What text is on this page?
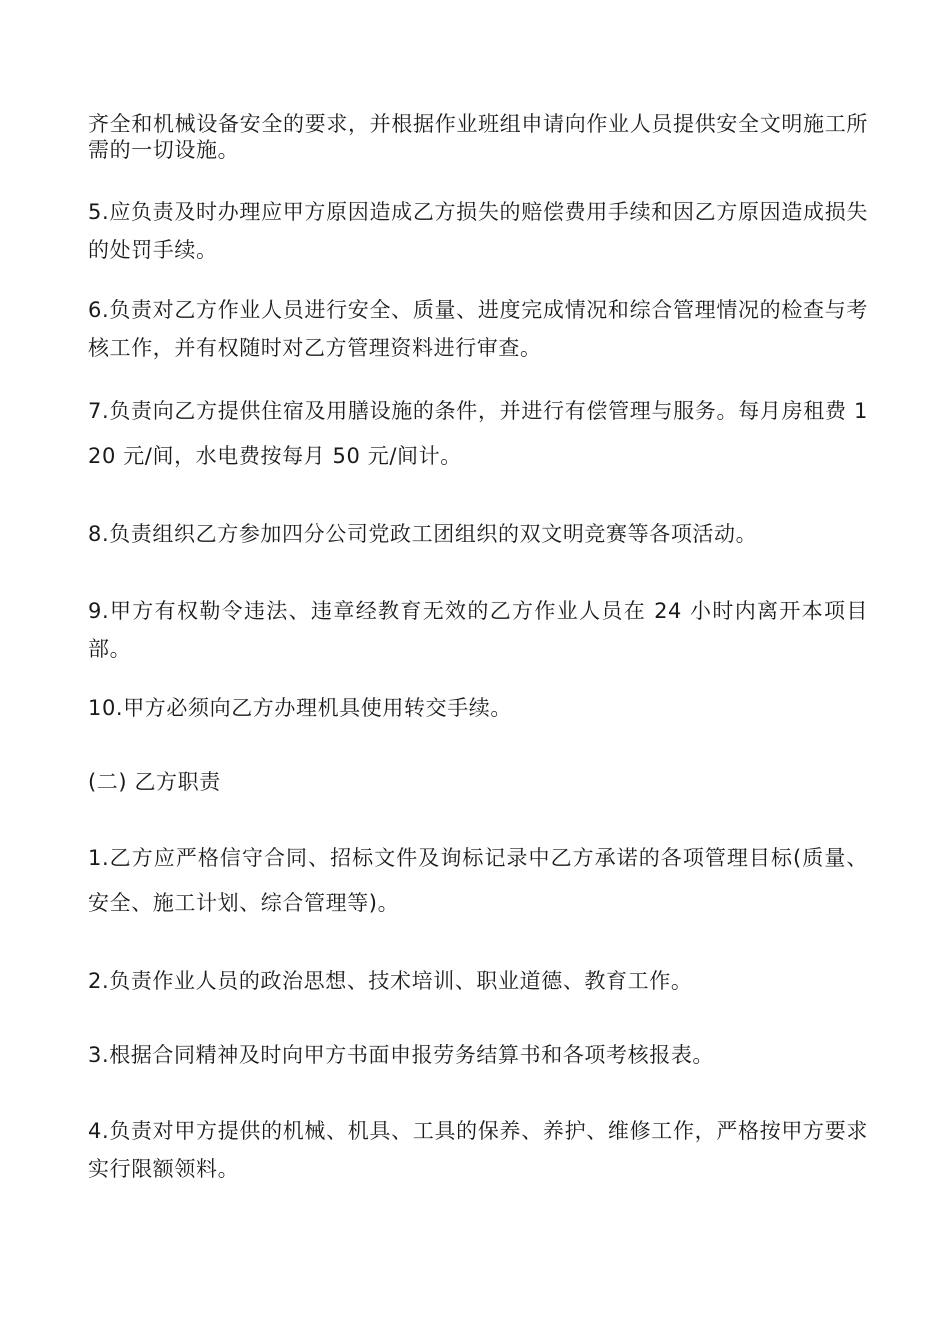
齐全和机械设备安全的要求，并根据作业班组申请向作业人员提供安全文明施工所需的一切设施。

5.应负责及时办理应甲方原因造成乙方损失的赔偿费用手续和因乙方原因造成损失的处罚手续。

6.负责对乙方作业人员进行安全、质量、进度完成情况和综合管理情况的检查与考核工作，并有权随时对乙方管理资料进行审查。

7.负责向乙方提供住宿及用膳设施的条件，并进行有偿管理与服务。每月房租费 120 元/间，水电费按每月 50 元/间计。

8.负责组织乙方参加四分公司党政工团组织的双文明竞赛等各项活动。

9.甲方有权勒令违法、违章经教育无效的乙方作业人员在 24 小时内离开本项目部。

10.甲方必须向乙方办理机具使用转交手续。

(二) 乙方职责

1.乙方应严格信守合同、招标文件及询标记录中乙方承诺的各项管理目标(质量、安全、施工计划、综合管理等)。

2.负责作业人员的政治思想、技术培训、职业道德、教育工作。

3.根据合同精神及时向甲方书面申报劳务结算书和各项考核报表。

4.负责对甲方提供的机械、机具、工具的保养、养护、维修工作，严格按甲方要求实行限额领料。
